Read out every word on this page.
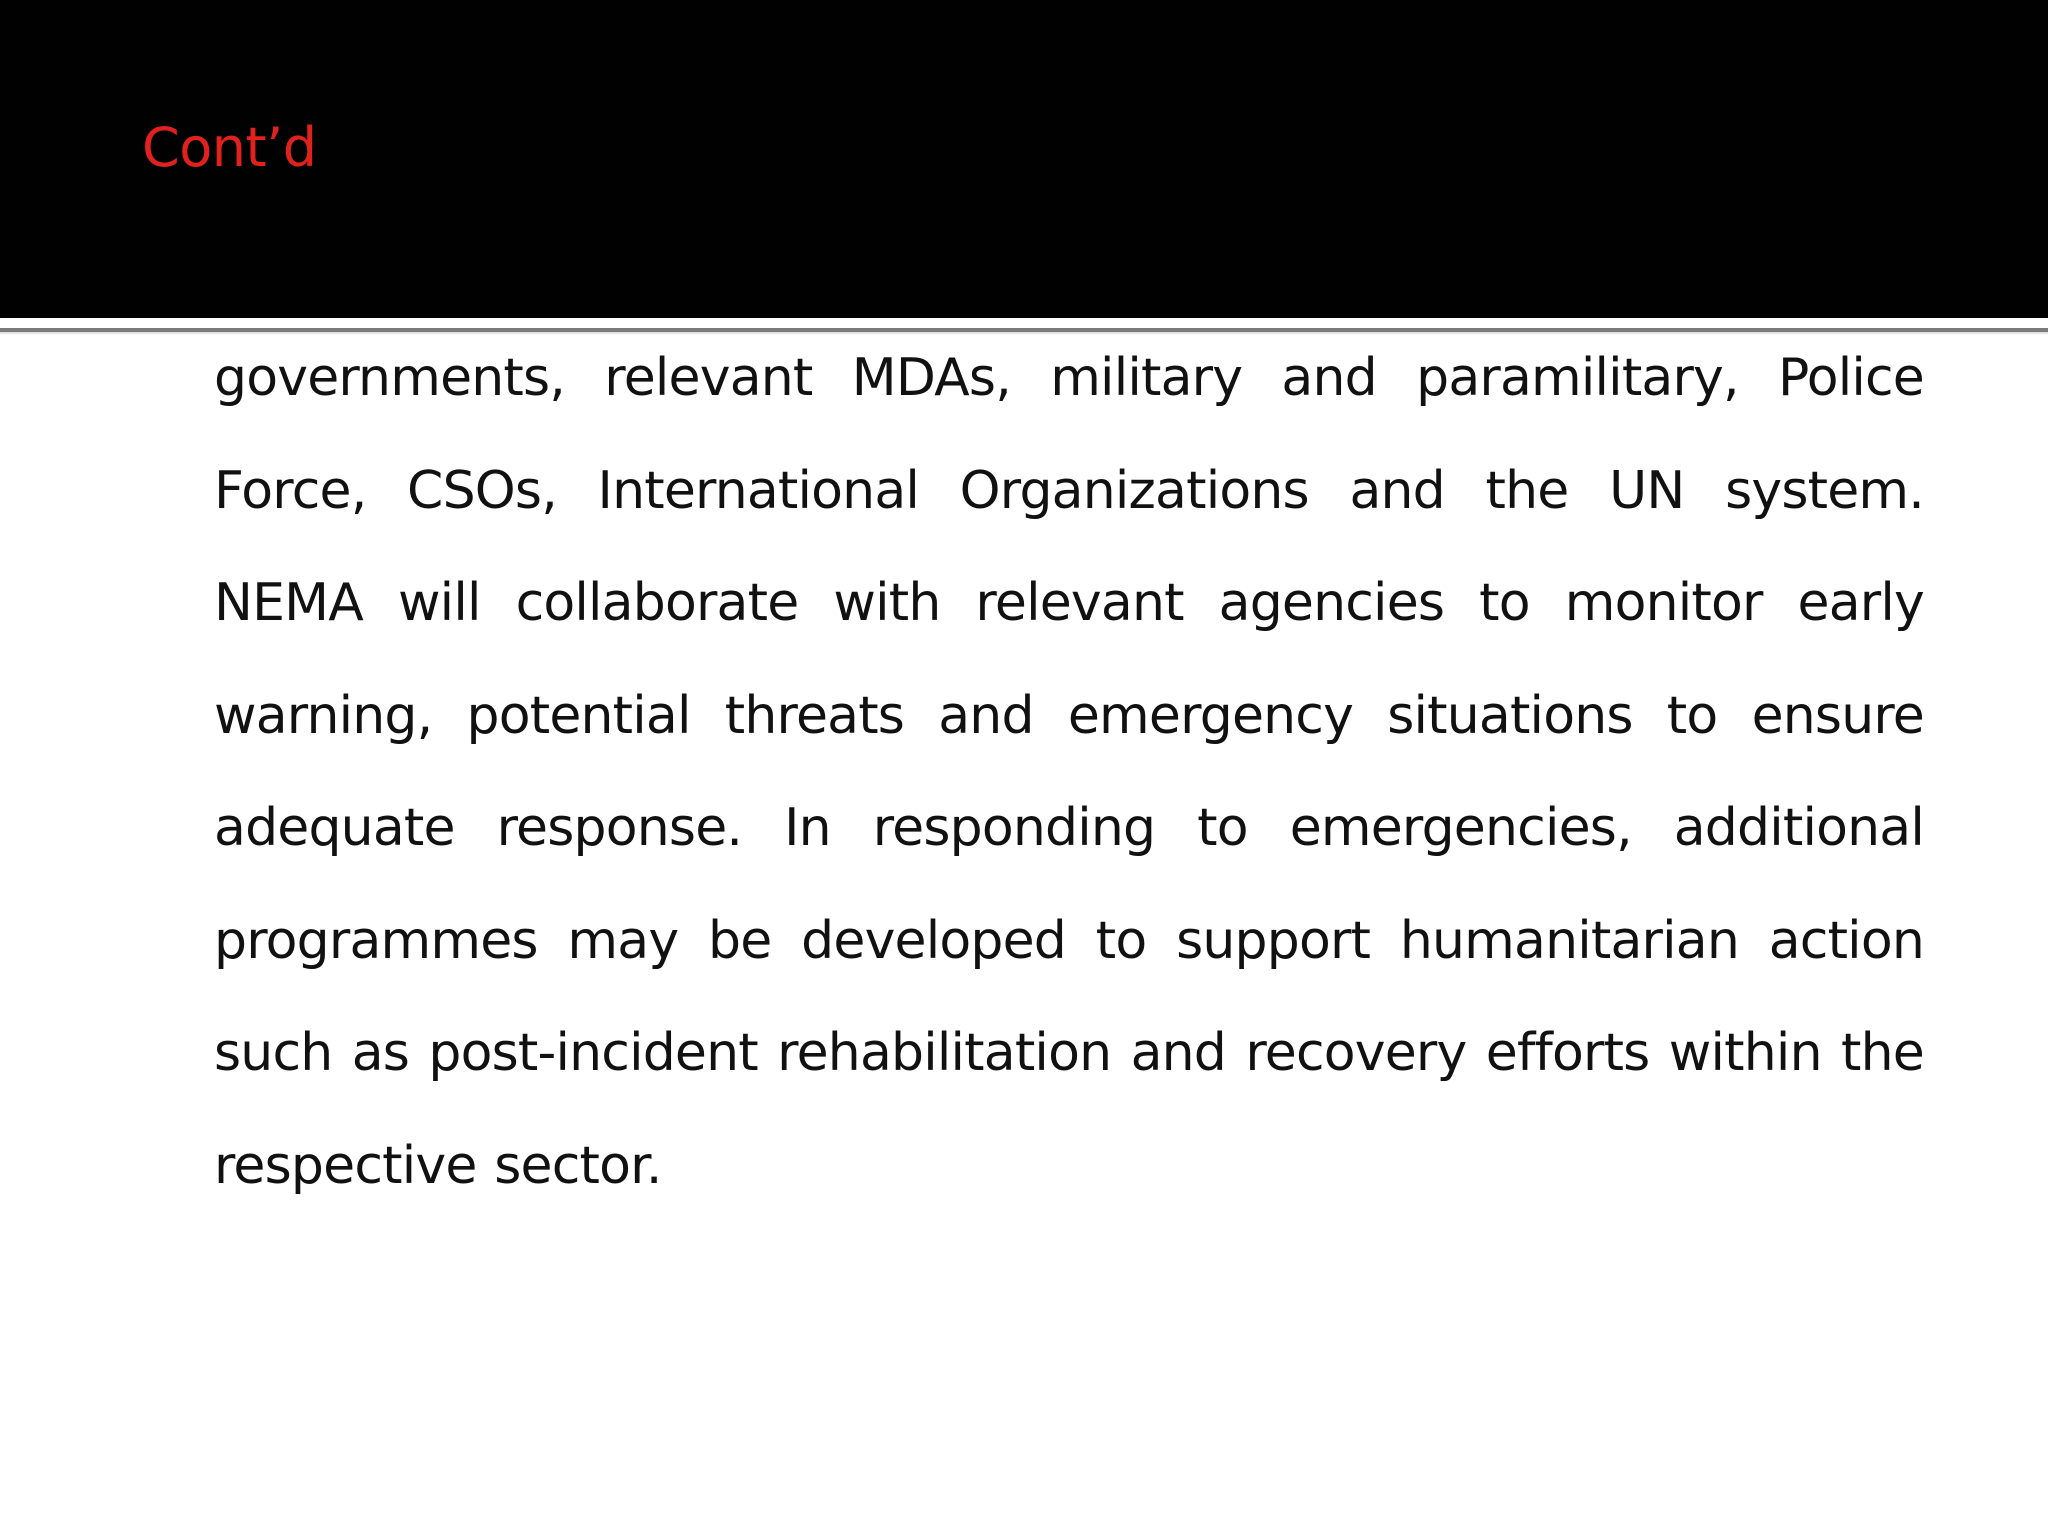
Cont’d

governments, relevant MDAs, military and paramilitary, Police Force, CSOs, International Organizations and the UN system. NEMA will collaborate with relevant agencies to monitor early warning, potential threats and emergency situations to ensure adequate response. In responding to emergencies, additional programmes may be developed to support humanitarian action such as post-incident rehabilitation and recovery efforts within the respective sector.
